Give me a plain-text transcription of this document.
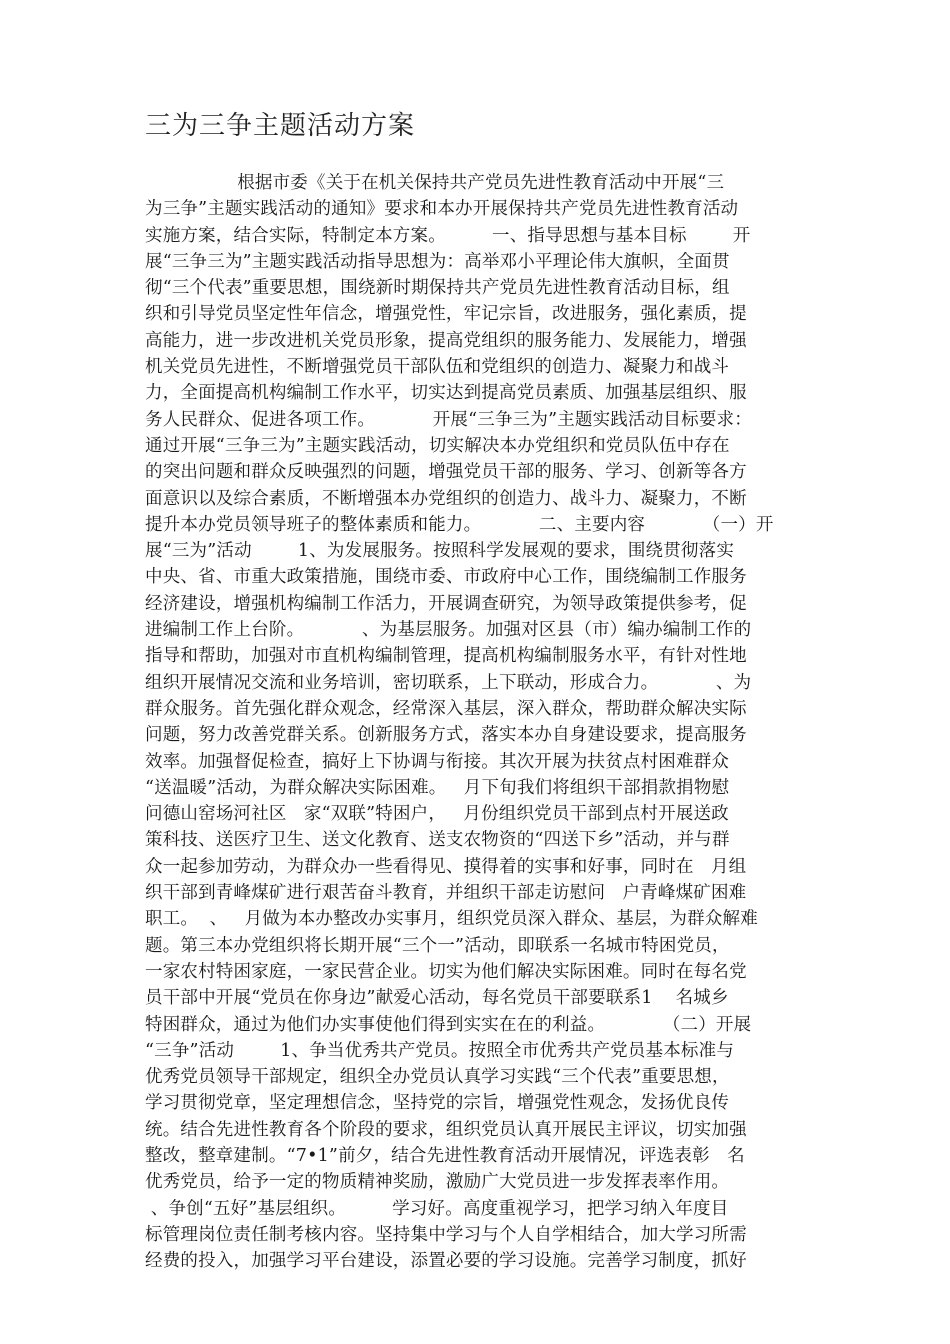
三为三争主题活动方案
根据市委《关于在机关保持共产党员先进性教育活动中开展“三
为三争”主题实践活动的通知》要求和本办开展保持共产党员先进性教育活动
实施方案，结合实际，特制定本方案。        一、指导思想与基本目标        开
展“三争三为”主题实践活动指导思想为：高举邓小平理论伟大旗帜，全面贯
彻“三个代表”重要思想，围绕新时期保持共产党员先进性教育活动目标，组
织和引导党员坚定性年信念，增强党性，牢记宗旨，改进服务，强化素质，提
高能力，进一步改进机关党员形象，提高党组织的服务能力、发展能力，增强
机关党员先进性，不断增强党员干部队伍和党组织的创造力、凝聚力和战斗
力，全面提高机构编制工作水平，切实达到提高党员素质、加强基层组织、服
务人民群众、促进各项工作。          开展“三争三为”主题实践活动目标要求：
通过开展“三争三为”主题实践活动，切实解决本办党组织和党员队伍中存在
的突出问题和群众反映强烈的问题，增强党员干部的服务、学习、创新等各方
面意识以及综合素质，不断增强本办党组织的创造力、战斗力、凝聚力，不断
提升本办党员领导班子的整体素质和能力。          二、主要内容          （一）开
展“三为”活动        1、为发展服务。按照科学发展观的要求，围绕贯彻落实
中央、省、市重大政策措施，围绕市委、市政府中心工作，围绕编制工作服务
经济建设，增强机构编制工作活力，开展调查研究，为领导政策提供参考，促
进编制工作上台阶。          、为基层服务。加强对区县（市）编办编制工作的
指导和帮助，加强对市直机构编制管理，提高机构编制服务水平，有针对性地
组织开展情况交流和业务培训，密切联系，上下联动，形成合力。          、为
群众服务。首先强化群众观念，经常深入基层，深入群众，帮助群众解决实际
问题，努力改善党群关系。创新服务方式，落实本办自身建设要求，提高服务
效率。加强督促检查，搞好上下协调与衔接。其次开展为扶贫点村困难群众
“送温暖”活动，为群众解决实际困难。   月下旬我们将组织干部捐款捐物慰
问德山窑场河社区   家“双联”特困户，   月份组织党员干部到点村开展送政
策科技、送医疗卫生、送文化教育、送支农物资的“四送下乡”活动，并与群
众一起参加劳动，为群众办一些看得见、摸得着的实事和好事，同时在   月组
织干部到青峰煤矿进行艰苦奋斗教育，并组织干部走访慰问   户青峰煤矿困难
职工。  、   月做为本办整改办实事月，组织党员深入群众、基层，为群众解难
题。第三本办党组织将长期开展“三个一”活动，即联系一名城市特困党员，
一家农村特困家庭，一家民营企业。切实为他们解决实际困难。同时在每名党
员干部中开展“党员在你身边”献爱心活动，每名党员干部要联系1    名城乡
特困群众，通过为他们办实事使他们得到实实在在的利益。          （二）开展
“三争”活动        1、争当优秀共产党员。按照全市优秀共产党员基本标准与
优秀党员领导干部规定，组织全办党员认真学习实践“三个代表”重要思想，
学习贯彻党章，坚定理想信念，坚持党的宗旨，增强党性观念，发扬优良传
统。结合先进性教育各个阶段的要求，组织党员认真开展民主评议，切实加强
整改，整章建制。“7•1”前夕，结合先进性教育活动开展情况，评选表彰   名
优秀党员，给予一定的物质精神奖励，激励广大党员进一步发挥表率作用。
、争创“五好”基层组织。        学习好。高度重视学习，把学习纳入年度目
标管理岗位责任制考核内容。坚持集中学习与个人自学相结合，加大学习所需
经费的投入，加强学习平台建设，添置必要的学习设施。完善学习制度，抓好
